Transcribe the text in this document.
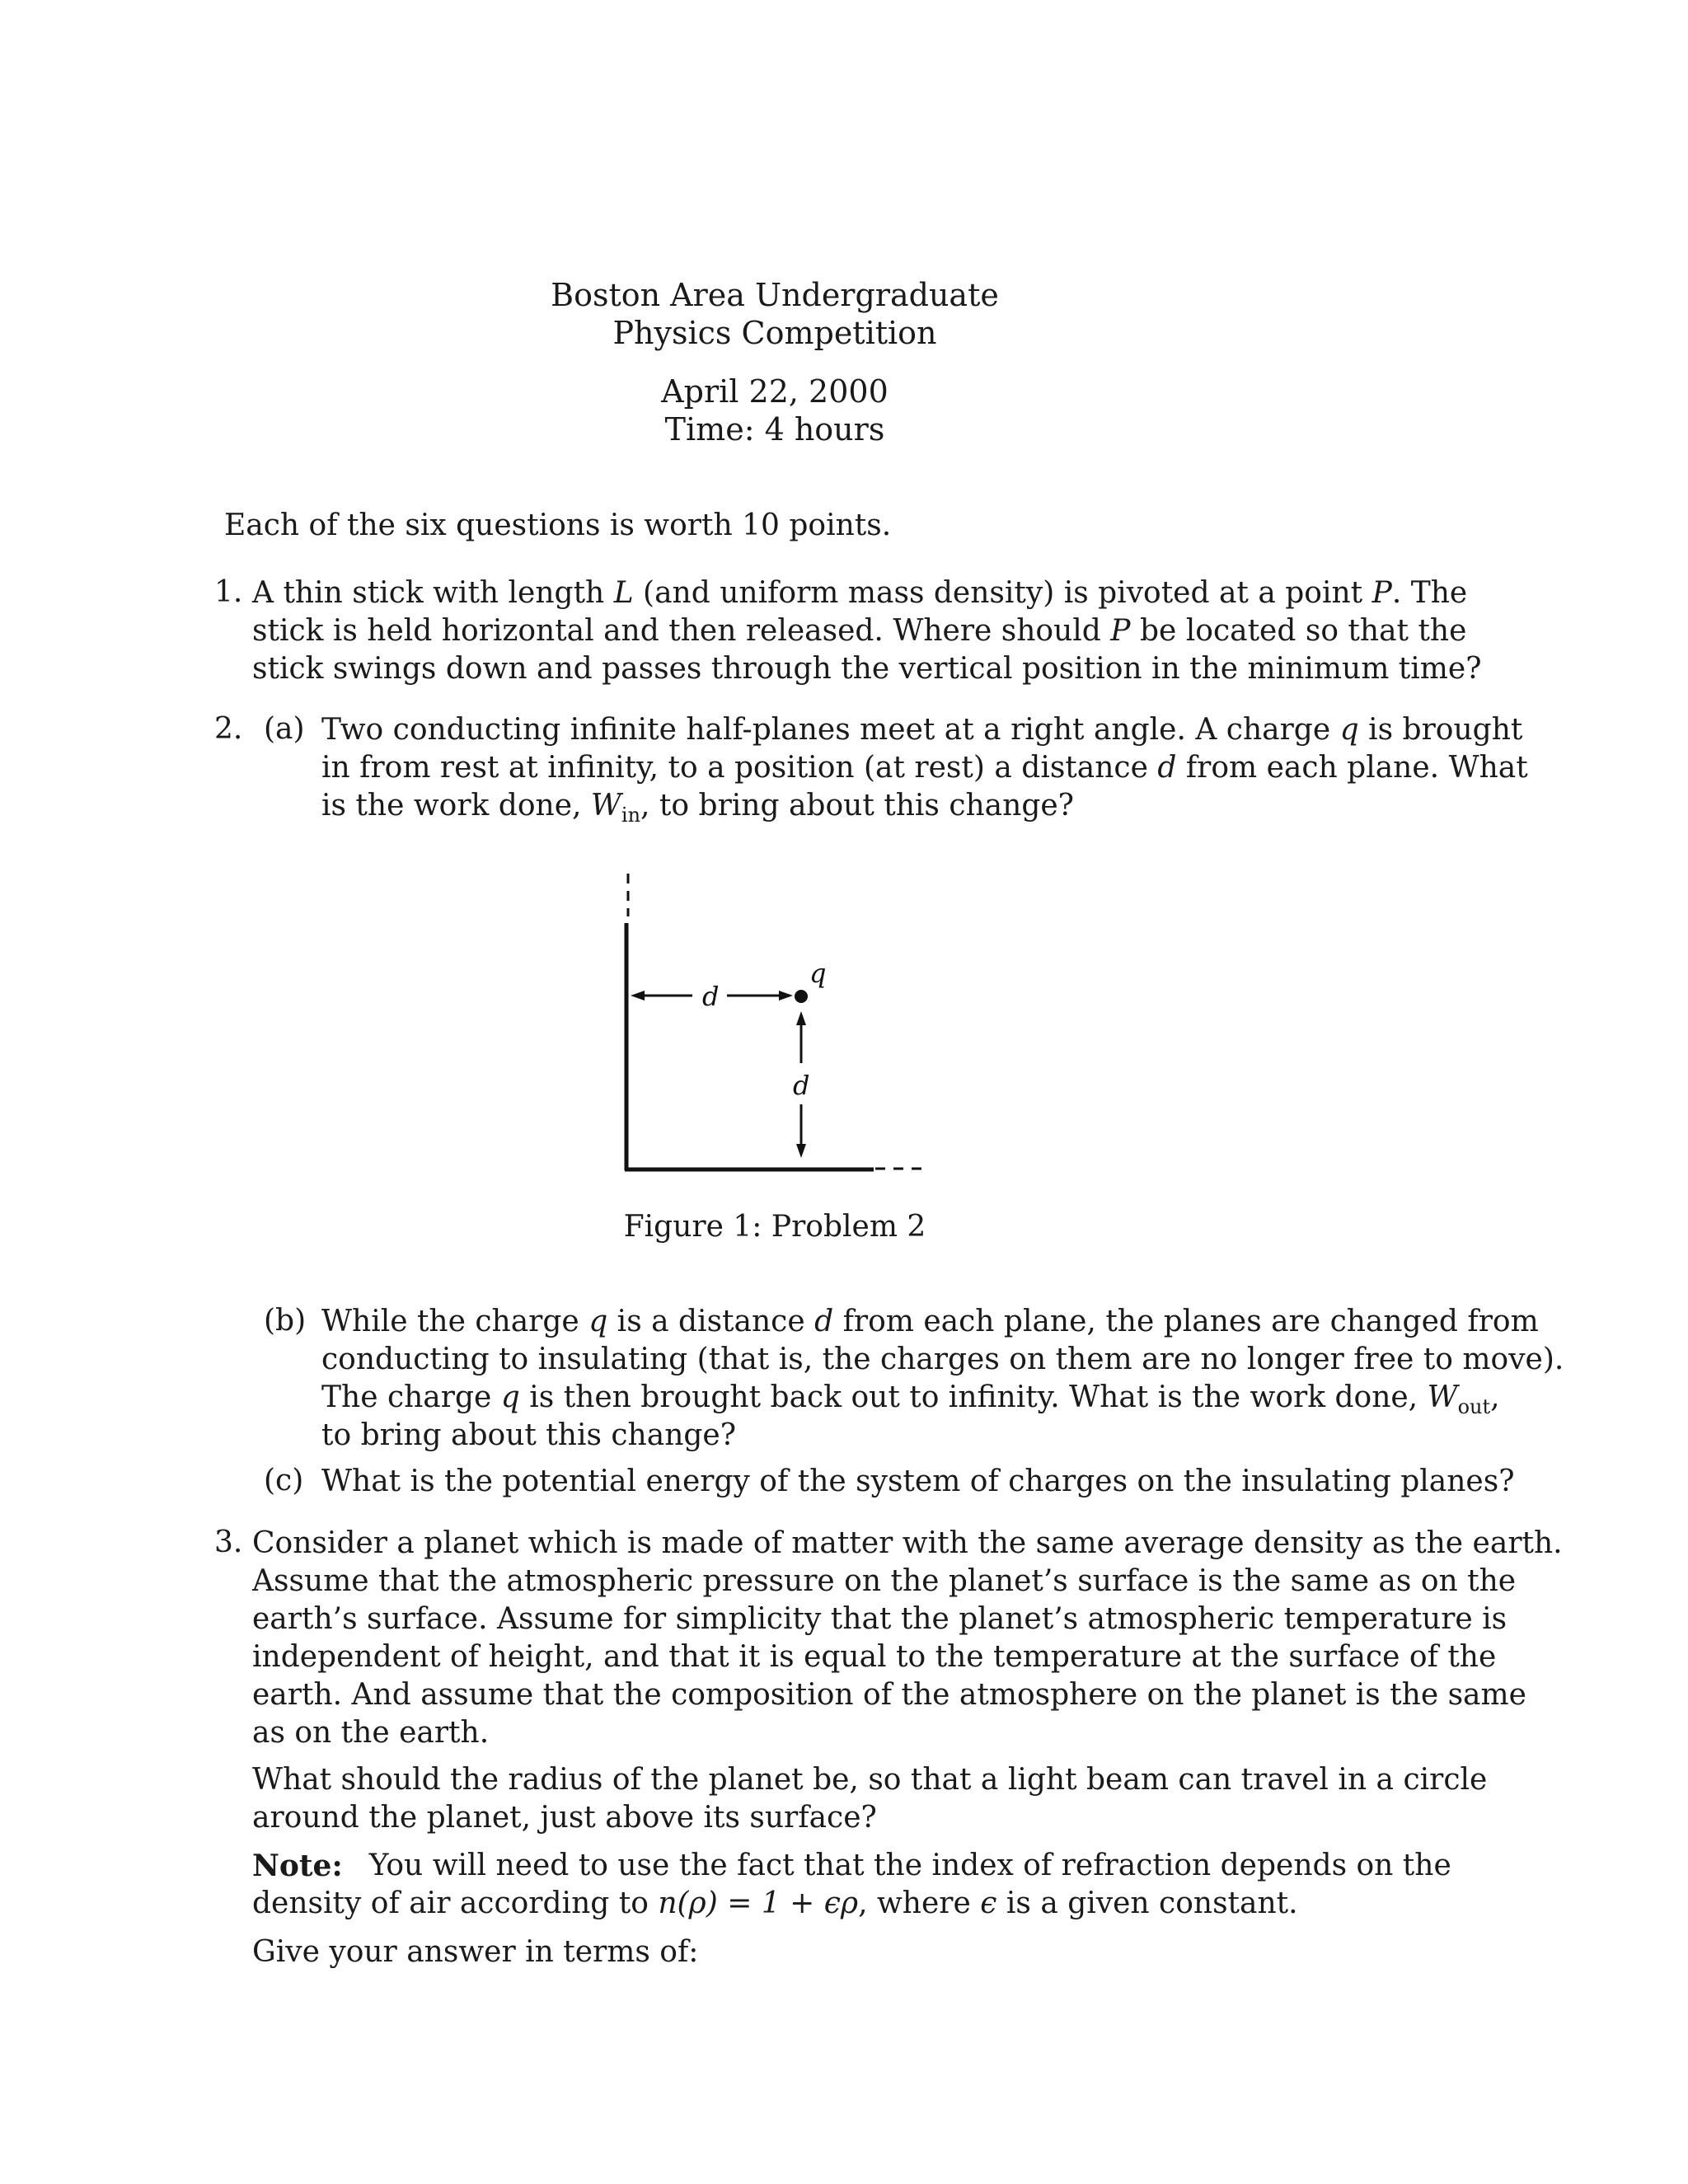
Boston Area Undergraduate
Physics Competition
April 22, 2000
Time: 4 hours
Each of the six questions is worth 10 points.
1. A thin stick with length L (and uniform mass density) is pivoted at a point P. The
stick is held horizontal and then released. Where should P be located so that the
stick swings down and passes through the vertical position in the minimum time?
2. (a) Two conducting infinite half-planes meet at a right angle. A charge q is brought
in from rest at infinity, to a position (at rest) a distance d from each plane. What
is the work done, $W_{in}$, to bring about this change?
d
d
q
Figure 1: Problem 2
(b) While the charge q is a distance d from each plane, the planes are changed from
conducting to insulating (that is, the charges on them are no longer free to move).
The charge q is then brought back out to infinity. What is the work done, $W_{out}$,
to bring about this change?
(c) What is the potential energy of the system of charges on the insulating planes?
3. Consider a planet which is made of matter with the same average density as the earth.
Assume that the atmospheric pressure on the planet’s surface is the same as on the
earth’s surface. Assume for simplicity that the planet’s atmospheric temperature is
independent of height, and that it is equal to the temperature at the surface of the
earth. And assume that the composition of the atmosphere on the planet is the same
as on the earth.
What should the radius of the planet be, so that a light beam can travel in a circle
around the planet, just above its surface?
Note: You will need to use the fact that the index of refraction depends on the
density of air according to n(ρ) = 1 + ϵρ, where ϵ is a given constant.
Give your answer in terms of:
